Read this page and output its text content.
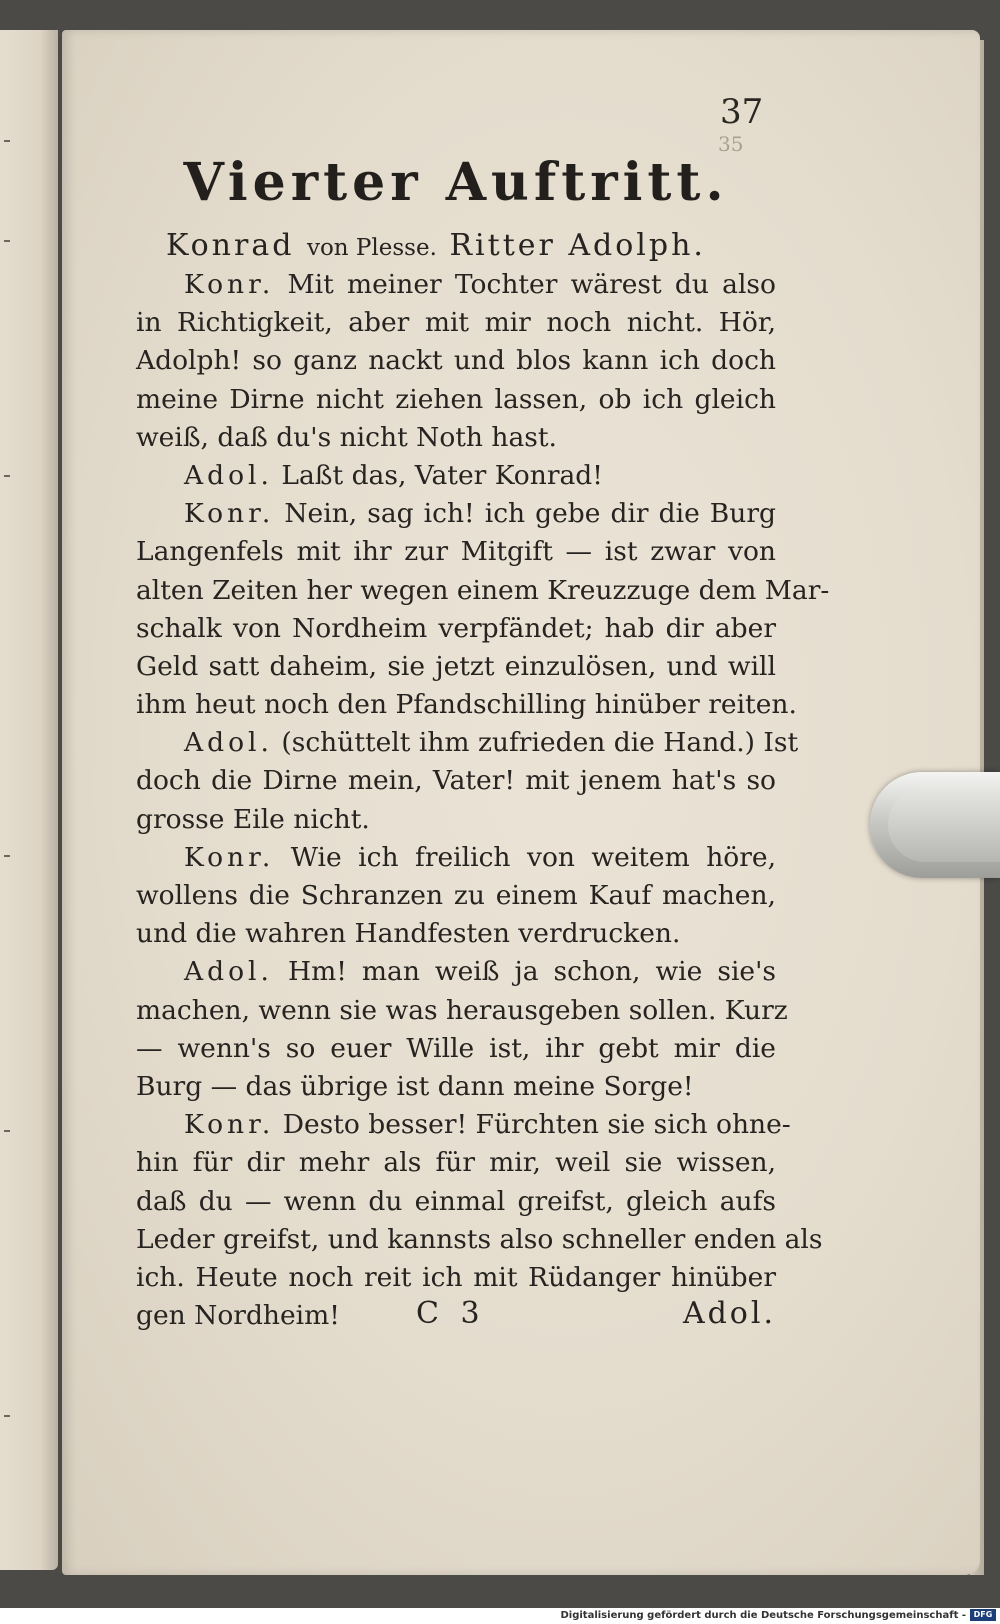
37
35
Vierter Auftritt.
Konrad von Plesse. Ritter Adolph.
Konr. Mit meiner Tochter wärest du also
in Richtigkeit, aber mit mir noch nicht. Hör,
Adolph! so ganz nackt und blos kann ich doch
meine Dirne nicht ziehen lassen, ob ich gleich
weiß, daß du's nicht Noth hast.
Adol. Laßt das, Vater Konrad!
Konr. Nein, sag ich! ich gebe dir die Burg
Langenfels mit ihr zur Mitgift — ist zwar von
alten Zeiten her wegen einem Kreuzzuge dem Mar-
schalk von Nordheim verpfändet; hab dir aber
Geld satt daheim, sie jetzt einzulösen, und will
ihm heut noch den Pfandschilling hinüber reiten.
Adol. (schüttelt ihm zufrieden die Hand.) Ist
doch die Dirne mein, Vater! mit jenem hat's so
grosse Eile nicht.
Konr. Wie ich freilich von weitem höre,
wollens die Schranzen zu einem Kauf machen,
und die wahren Handfesten verdrucken.
Adol. Hm! man weiß ja schon, wie sie's
machen, wenn sie was herausgeben sollen. Kurz
— wenn's so euer Wille ist, ihr gebt mir die
Burg — das übrige ist dann meine Sorge!
Konr. Desto besser! Fürchten sie sich ohne-
hin für dir mehr als für mir, weil sie wissen,
daß du — wenn du einmal greifst, gleich aufs
Leder greifst, und kannsts also schneller enden als
ich. Heute noch reit ich mit Rüdanger hinüber
gen Nordheim!	C 3	Adol.
Digitalisierung gefördert durch die Deutsche Forschungsgemeinschaft - DFG
